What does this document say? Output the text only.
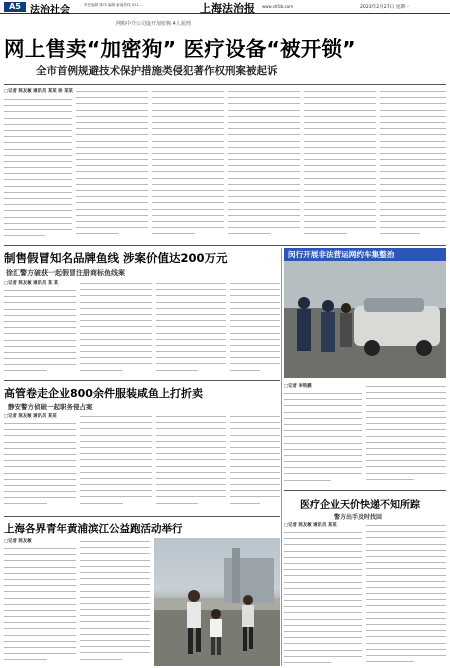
A5 法治社会	责任编辑 陈伟 编辑 新闻热线 021-...	上海法治报 www.shfzb.com	2023年2月27日 星期一
网购中介公司虚开加密狗 4人获刑
网上售卖“加密狗” 医疗设备“被开锁”
全市首例规避技术保护措施类侵犯著作权刑案被起诉
□记者 陈友敏 通讯员 某某 徐 某某
制售假冒知名品牌鱼线 涉案价值达200万元
徐汇警方破获一起假冒注册商标鱼线案
□记者 陈友敏 通讯员 某 某
高管卷走企业800余件服装咸鱼上打折卖
静安警方侦破一起职务侵占案
□记者 陈友敏 通讯员 某某
上海各界青年黄浦滨江公益跑活动举行
□记者 陈友敏
闵行开展非法营运网约车集整治
□记者 李铁鹏
医疗企业天价快递不知所踪
警方出手及时找回
□记者 陈友敏 通讯员 某某
